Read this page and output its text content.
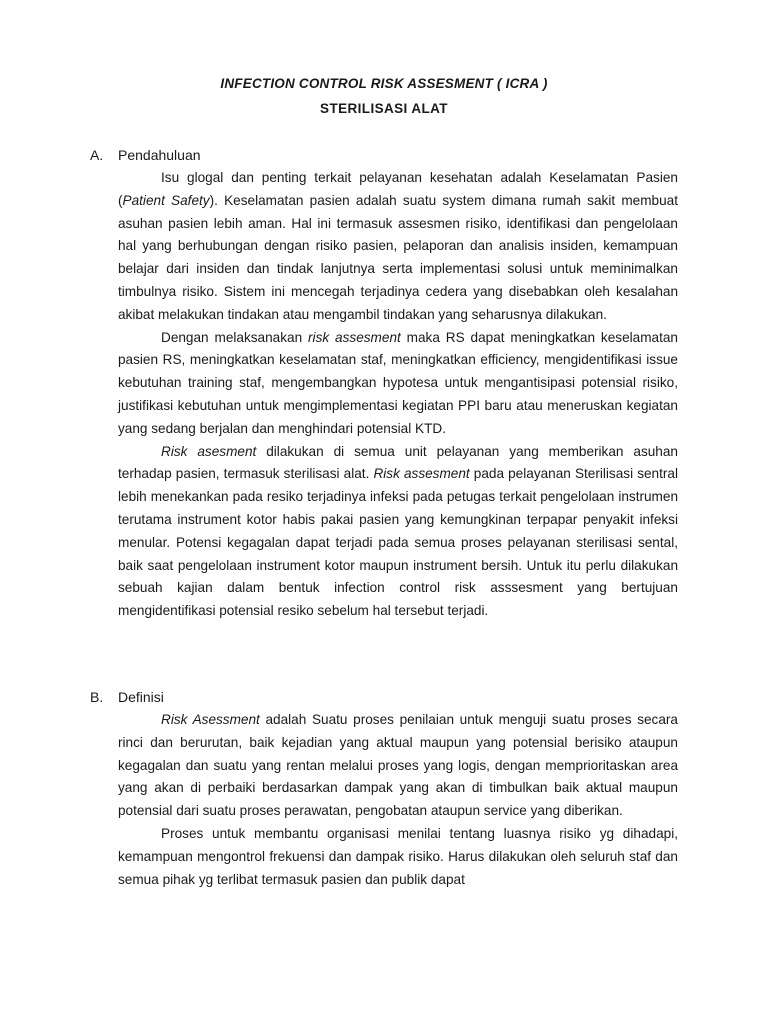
INFECTION CONTROL RISK ASSESMENT ( ICRA )
STERILISASI ALAT
A. Pendahuluan

Isu glogal dan penting terkait pelayanan kesehatan adalah Keselamatan Pasien (Patient Safety). Keselamatan pasien adalah suatu system dimana rumah sakit membuat asuhan pasien lebih aman. Hal ini termasuk assesmen risiko, identifikasi dan pengelolaan hal yang berhubungan dengan risiko pasien, pelaporan dan analisis insiden, kemampuan belajar dari insiden dan tindak lanjutnya serta implementasi solusi untuk meminimalkan timbulnya risiko. Sistem ini mencegah terjadinya cedera yang disebabkan oleh kesalahan akibat melakukan tindakan atau mengambil tindakan yang seharusnya dilakukan.

Dengan melaksanakan risk assesment maka RS dapat meningkatkan keselamatan pasien RS, meningkatkan keselamatan staf, meningkatkan efficiency, mengidentifikasi issue kebutuhan training staf, mengembangkan hypotesa untuk mengantisipasi potensial risiko, justifikasi kebutuhan untuk mengimplementasi kegiatan PPI baru atau meneruskan kegiatan yang sedang berjalan dan menghindari potensial KTD.

Risk asesment dilakukan di semua unit pelayanan yang memberikan asuhan terhadap pasien, termasuk sterilisasi alat. Risk assesment pada pelayanan Sterilisasi sentral lebih menekankan pada resiko terjadinya infeksi pada petugas terkait pengelolaan instrumen terutama instrument kotor habis pakai pasien yang kemungkinan terpapar penyakit infeksi menular. Potensi kegagalan dapat terjadi pada semua proses pelayanan sterilisasi sental, baik saat pengelolaan instrument kotor maupun instrument bersih. Untuk itu perlu dilakukan sebuah kajian dalam bentuk infection control risk asssesment yang bertujuan mengidentifikasi potensial resiko sebelum hal tersebut terjadi.

B. Definisi

Risk Asessment adalah Suatu proses penilaian untuk menguji suatu proses secara rinci dan berurutan, baik kejadian yang aktual maupun yang potensial berisiko ataupun kegagalan dan suatu yang rentan melalui proses yang logis, dengan memprioritaskan area yang akan di perbaiki berdasarkan dampak yang akan di timbulkan baik aktual maupun potensial dari suatu proses perawatan, pengobatan ataupun service yang diberikan.

Proses untuk membantu organisasi menilai tentang luasnya risiko yg dihadapi, kemampuan mengontrol frekuensi dan dampak risiko. Harus dilakukan oleh seluruh staf dan semua pihak yg terlibat termasuk pasien dan publik dapat
